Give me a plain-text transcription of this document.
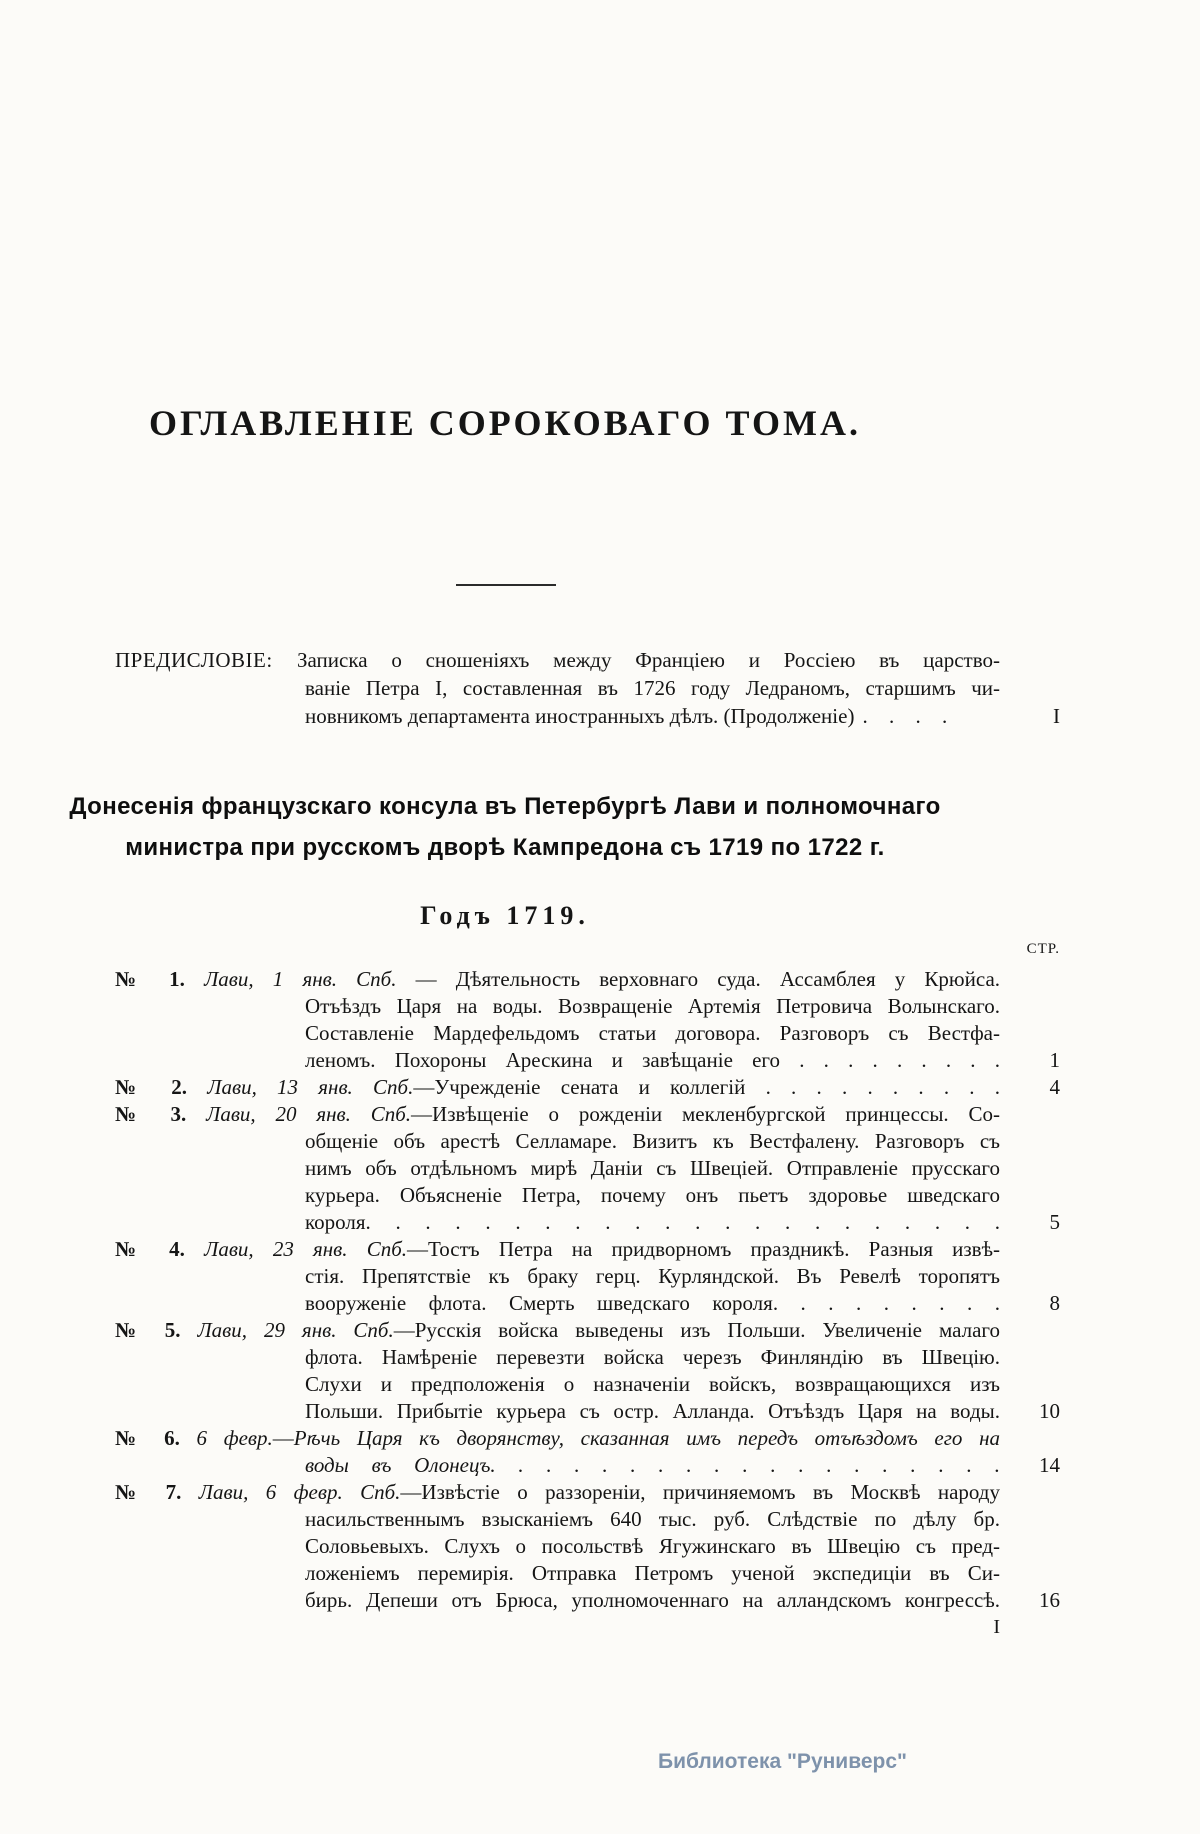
ОГЛАВЛЕНІЕ СОРОКОВАГО ТОМА.
ПРЕДИСЛОВІЕ: Записка о сношеніяхъ между Франціею и Россіею въ царство-
ваніе Петра I, составленная въ 1726 году Ледраномъ, старшимъ чи-
новникомъ департамента иностранныхъ дѣлъ. (Продолженіе) . . . .	I
Донесенія французскаго консула въ Петербургѣ Лави и полномочнаго
министра при русскомъ дворѣ Кампредона съ 1719 по 1722 г.
Годъ 1719.
СТР.
№ 1. Лави, 1 янв. Спб. — Дѣятельность верховнаго суда. Ассамблея у Крюйса.
Отъѣздъ Царя на воды. Возвращеніе Артемія Петровича Волынскаго.
Составленіе Мардефельдомъ статьи договора. Разговоръ съ Вестфа-
леномъ. Похороны Арескина и завѣщаніе его . . . . . . . . .	1
№ 2. Лави, 13 янв. Спб.—Учрежденіе сената и коллегій . . . . . . . . . .	4
№ 3. Лави, 20 янв. Спб.—Извѣщеніе о рожденіи мекленбургской принцессы. Со-
общеніе объ арестѣ Селламаре. Визитъ къ Вестфалену. Разговоръ съ
нимъ объ отдѣльномъ мирѣ Даніи съ Швеціей. Отправленіе прусскаго
курьера. Объясненіе Петра, почему онъ пьетъ здоровье шведскаго
короля. . . . . . . . . . . . . . . . . . . . . .	5
№ 4. Лави, 23 янв. Спб.—Тостъ Петра на придворномъ праздникѣ. Разныя извѣ-
стія. Препятствіе къ браку герц. Курляндской. Въ Ревелѣ торопятъ
вооруженіе флота. Смерть шведскаго короля. . . . . . . . .	8
№ 5. Лави, 29 янв. Спб.—Русскія войска выведены изъ Польши. Увеличеніе малаго
флота. Намѣреніе перевезти войска черезъ Финляндію въ Швецію.
Слухи и предположенія о назначеніи войскъ, возвращающихся изъ
Польши. Прибытіе курьера съ остр. Алланда. Отъѣздъ Царя на воды.	10
№ 6. 6 февр.—Рѣчь Царя къ дворянству, сказанная имъ передъ отъѣздомъ его на
воды въ Олонецъ. . . . . . . . . . . . . . . . . . .	14
№ 7. Лави, 6 февр. Спб.—Извѣстіе о раззореніи, причиняемомъ въ Москвѣ народу
насильственнымъ взысканіемъ 640 тыс. руб. Слѣдствіе по дѣлу бр.
Соловьевыхъ. Слухъ о посольствѣ Ягужинскаго въ Швецію съ пред-
ложеніемъ перемирія. Отправка Петромъ ученой экспедиціи въ Си-
бирь. Депеши отъ Брюса, уполномоченнаго на алландскомъ конгрессѣ.	16
I
Библиотека "Руниверс"
